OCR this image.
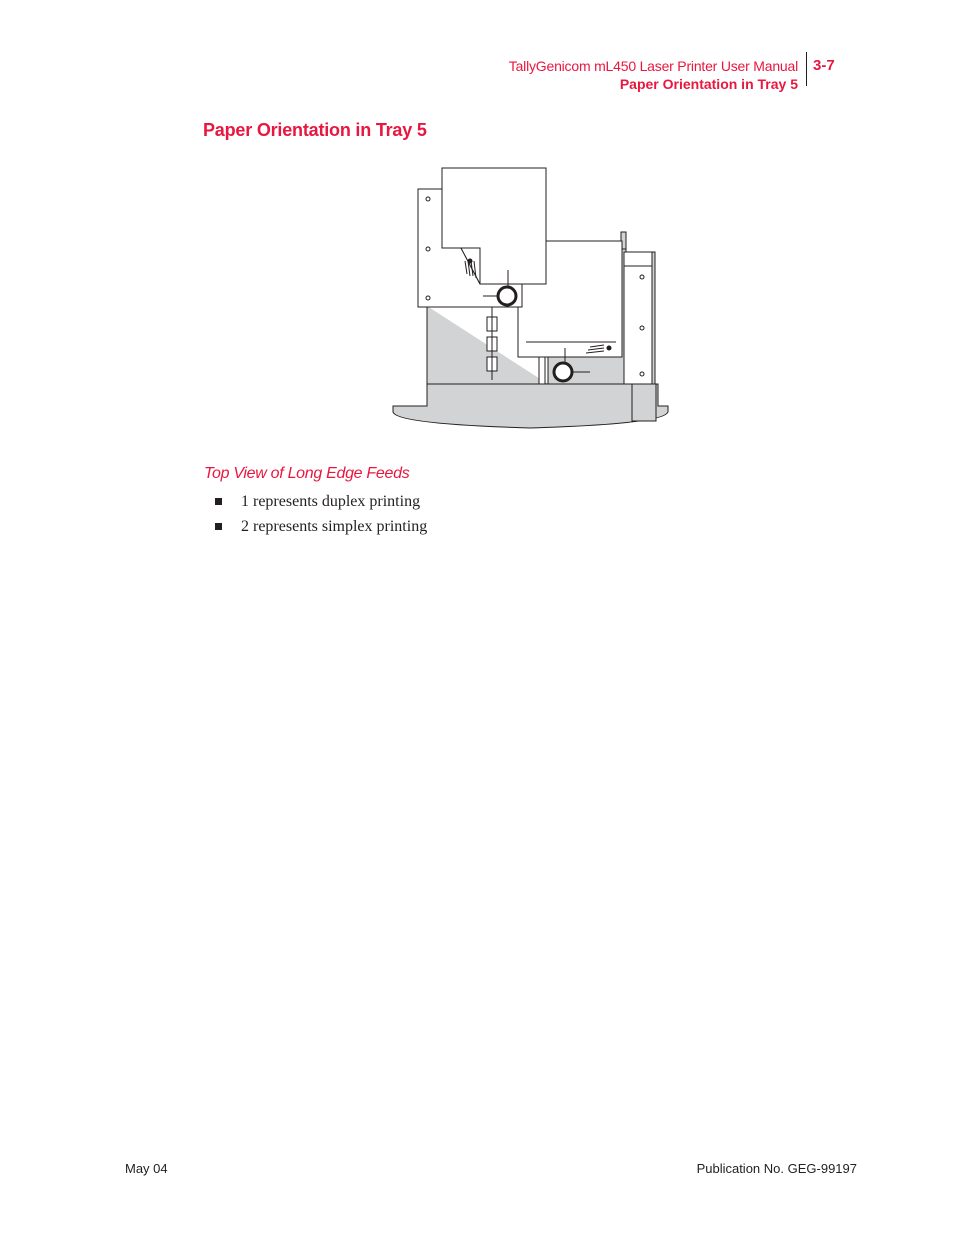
TallyGenicom mL450 Laser Printer User Manual
Paper Orientation in Tray 5
3-7
Paper Orientation in Tray 5
Top View of Long Edge Feeds
1 represents duplex printing
2 represents simplex printing
May 04	Publication No. GEG-99197
